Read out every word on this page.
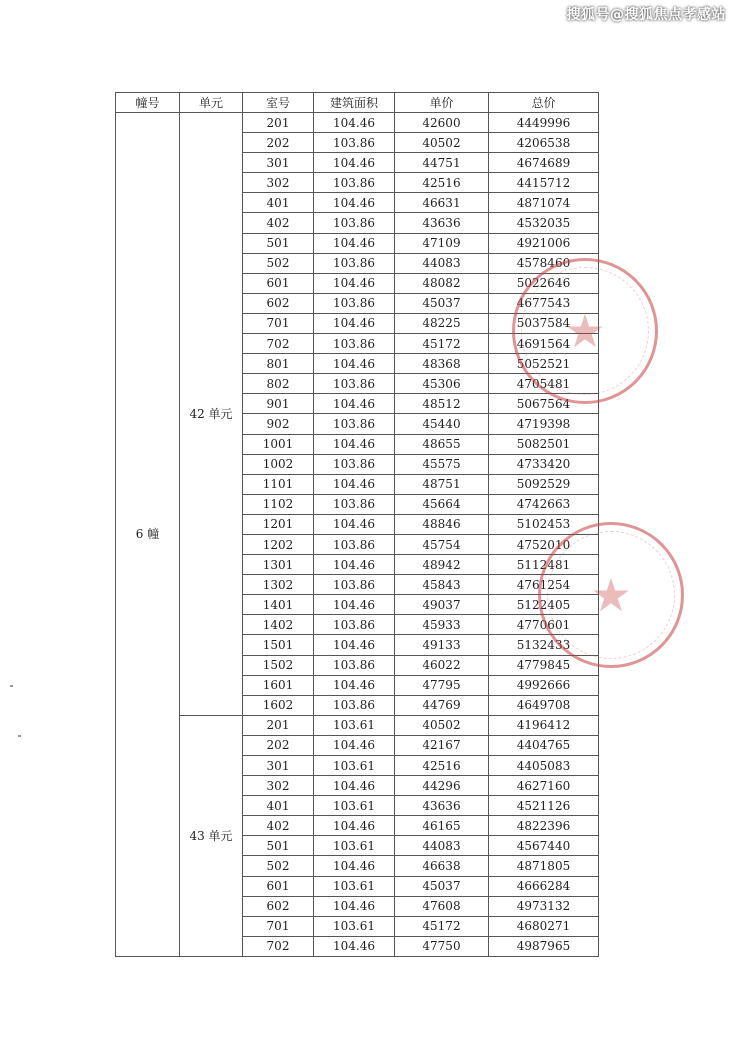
搜狐号@搜狐焦点孝感站
幢号	单元	室号	建筑面积	单价	总价
6 幢	42 单元	201	104.46	42600	4449996
		202	103.86	40502	4206538
		301	104.46	44751	4674689
		302	103.86	42516	4415712
		401	104.46	46631	4871074
		402	103.86	43636	4532035
		501	104.46	47109	4921006
		502	103.86	44083	4578460
		601	104.46	48082	5022646
		602	103.86	45037	4677543
		701	104.46	48225	5037584
		702	103.86	45172	4691564
		801	104.46	48368	5052521
		802	103.86	45306	4705481
		901	104.46	48512	5067564
		902	103.86	45440	4719398
		1001	104.46	48655	5082501
		1002	103.86	45575	4733420
		1101	104.46	48751	5092529
		1102	103.86	45664	4742663
		1201	104.46	48846	5102453
		1202	103.86	45754	4752010
		1301	104.46	48942	5112481
		1302	103.86	45843	4761254
		1401	104.46	49037	5122405
		1402	103.86	45933	4770601
		1501	104.46	49133	5132433
		1502	103.86	46022	4779845
		1601	104.46	47795	4992666
		1602	103.86	44769	4649708
	43 单元	201	103.61	40502	4196412
		202	104.46	42167	4404765
		301	103.61	42516	4405083
		302	104.46	44296	4627160
		401	103.61	43636	4521126
		402	104.46	46165	4822396
		501	103.61	44083	4567440
		502	104.46	46638	4871805
		601	103.61	45037	4666284
		602	104.46	47608	4973132
		701	103.61	45172	4680271
		702	104.46	47750	4987965
★
★
